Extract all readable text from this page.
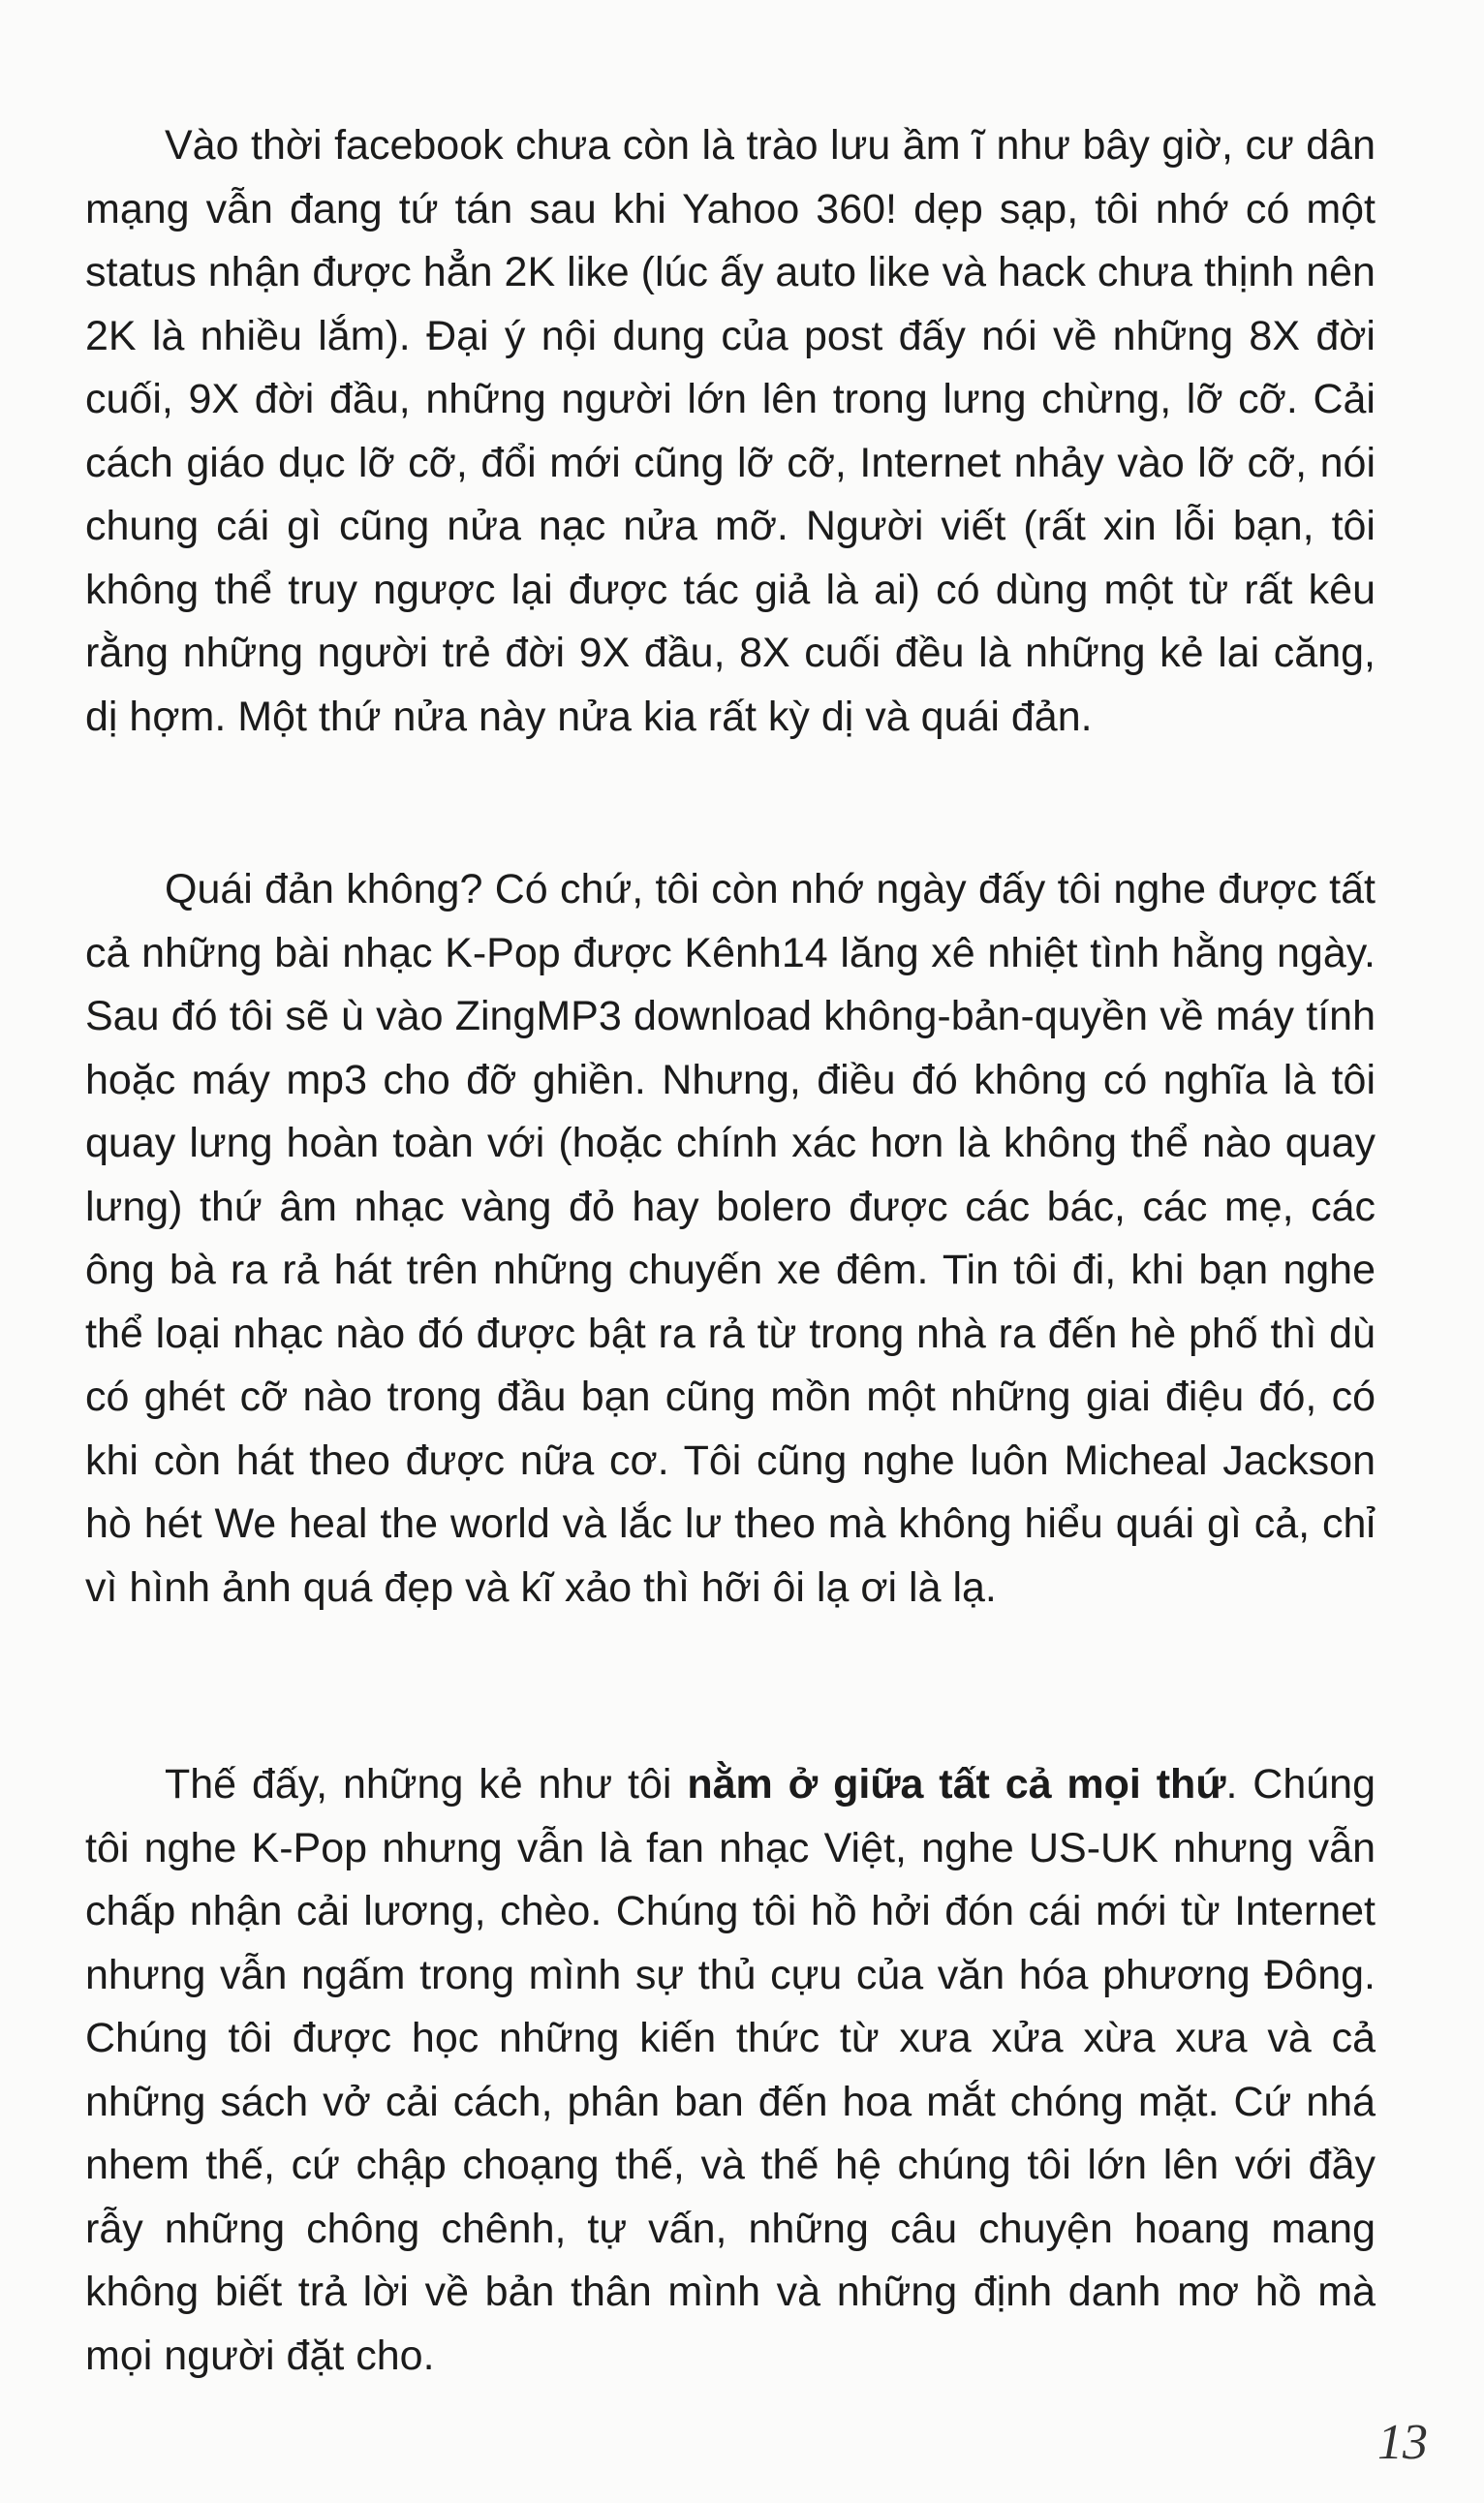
Vào thời facebook chưa còn là trào lưu ầm ĩ như bây giờ, cư dân mạng vẫn đang tứ tán sau khi Yahoo 360! dẹp sạp, tôi nhớ có một status nhận được hẳn 2K like (lúc ấy auto like và hack chưa thịnh nên 2K là nhiều lắm). Đại ý nội dung của post đấy nói về những 8X đời cuối, 9X đời đầu, những người lớn lên trong lưng chừng, lỡ cỡ. Cải cách giáo dục lỡ cỡ, đổi mới cũng lỡ cỡ, Internet nhảy vào lỡ cỡ, nói chung cái gì cũng nửa nạc nửa mỡ. Người viết (rất xin lỗi bạn, tôi không thể truy ngược lại được tác giả là ai) có dùng một từ rất kêu rằng những người trẻ đời 9X đầu, 8X cuối đều là những kẻ lai căng, dị hợm. Một thứ nửa này nửa kia rất kỳ dị và quái đản.

Quái đản không? Có chứ, tôi còn nhớ ngày đấy tôi nghe được tất cả những bài nhạc K-Pop được Kênh14 lăng xê nhiệt tình hằng ngày. Sau đó tôi sẽ ù vào ZingMP3 download không-bản-quyền về máy tính hoặc máy mp3 cho đỡ ghiền. Nhưng, điều đó không có nghĩa là tôi quay lưng hoàn toàn với (hoặc chính xác hơn là không thể nào quay lưng) thứ âm nhạc vàng đỏ hay bolero được các bác, các mẹ, các ông bà ra rả hát trên những chuyến xe đêm. Tin tôi đi, khi bạn nghe thể loại nhạc nào đó được bật ra rả từ trong nhà ra đến hè phố thì dù có ghét cỡ nào trong đầu bạn cũng mồn một những giai điệu đó, có khi còn hát theo được nữa cơ. Tôi cũng nghe luôn Micheal Jackson hò hét We heal the world và lắc lư theo mà không hiểu quái gì cả, chỉ vì hình ảnh quá đẹp và kĩ xảo thì hỡi ôi lạ ơi là lạ.

Thế đấy, những kẻ như tôi nằm ở giữa tất cả mọi thứ. Chúng tôi nghe K-Pop nhưng vẫn là fan nhạc Việt, nghe US-UK nhưng vẫn chấp nhận cải lương, chèo. Chúng tôi hồ hởi đón cái mới từ Internet nhưng vẫn ngấm trong mình sự thủ cựu của văn hóa phương Đông. Chúng tôi được học những kiến thức từ xưa xửa xừa xưa và cả những sách vở cải cách, phân ban đến hoa mắt chóng mặt. Cứ nhá nhem thế, cứ chập choạng thế, và thế hệ chúng tôi lớn lên với đầy rẫy những chông chênh, tự vấn, những câu chuyện hoang mang không biết trả lời về bản thân mình và những định danh mơ hồ mà mọi người đặt cho.

13
